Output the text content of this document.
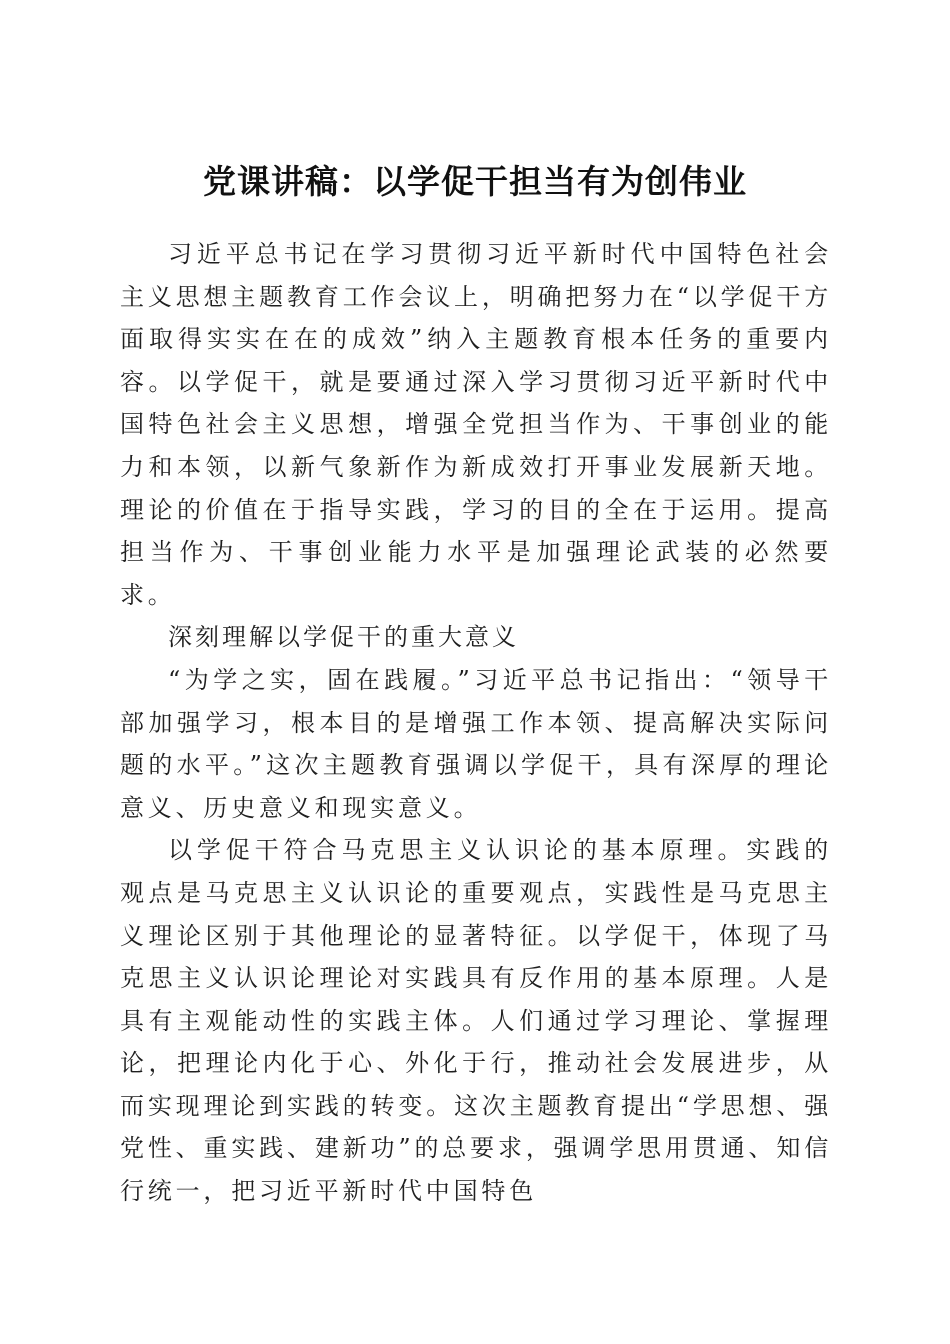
党课讲稿：以学促干担当有为创伟业

习近平总书记在学习贯彻习近平新时代中国特色社会主义思想主题教育工作会议上，明确把努力在“以学促干方面取得实实在在的成效”纳入主题教育根本任务的重要内容。以学促干，就是要通过深入学习贯彻习近平新时代中国特色社会主义思想，增强全党担当作为、干事创业的能力和本领，以新气象新作为新成效打开事业发展新天地。理论的价值在于指导实践，学习的目的全在于运用。提高担当作为、干事创业能力水平是加强理论武装的必然要求。

深刻理解以学促干的重大意义

“为学之实，固在践履。”习近平总书记指出：“领导干部加强学习，根本目的是增强工作本领、提高解决实际问题的水平。”这次主题教育强调以学促干，具有深厚的理论意义、历史意义和现实意义。

以学促干符合马克思主义认识论的基本原理。实践的观点是马克思主义认识论的重要观点，实践性是马克思主义理论区别于其他理论的显著特征。以学促干，体现了马克思主义认识论理论对实践具有反作用的基本原理。人是具有主观能动性的实践主体。人们通过学习理论、掌握理论，把理论内化于心、外化于行，推动社会发展进步，从而实现理论到实践的转变。这次主题教育提出“学思想、强党性、重实践、建新功”的总要求，强调学思用贯通、知信行统一，把习近平新时代中国特色
